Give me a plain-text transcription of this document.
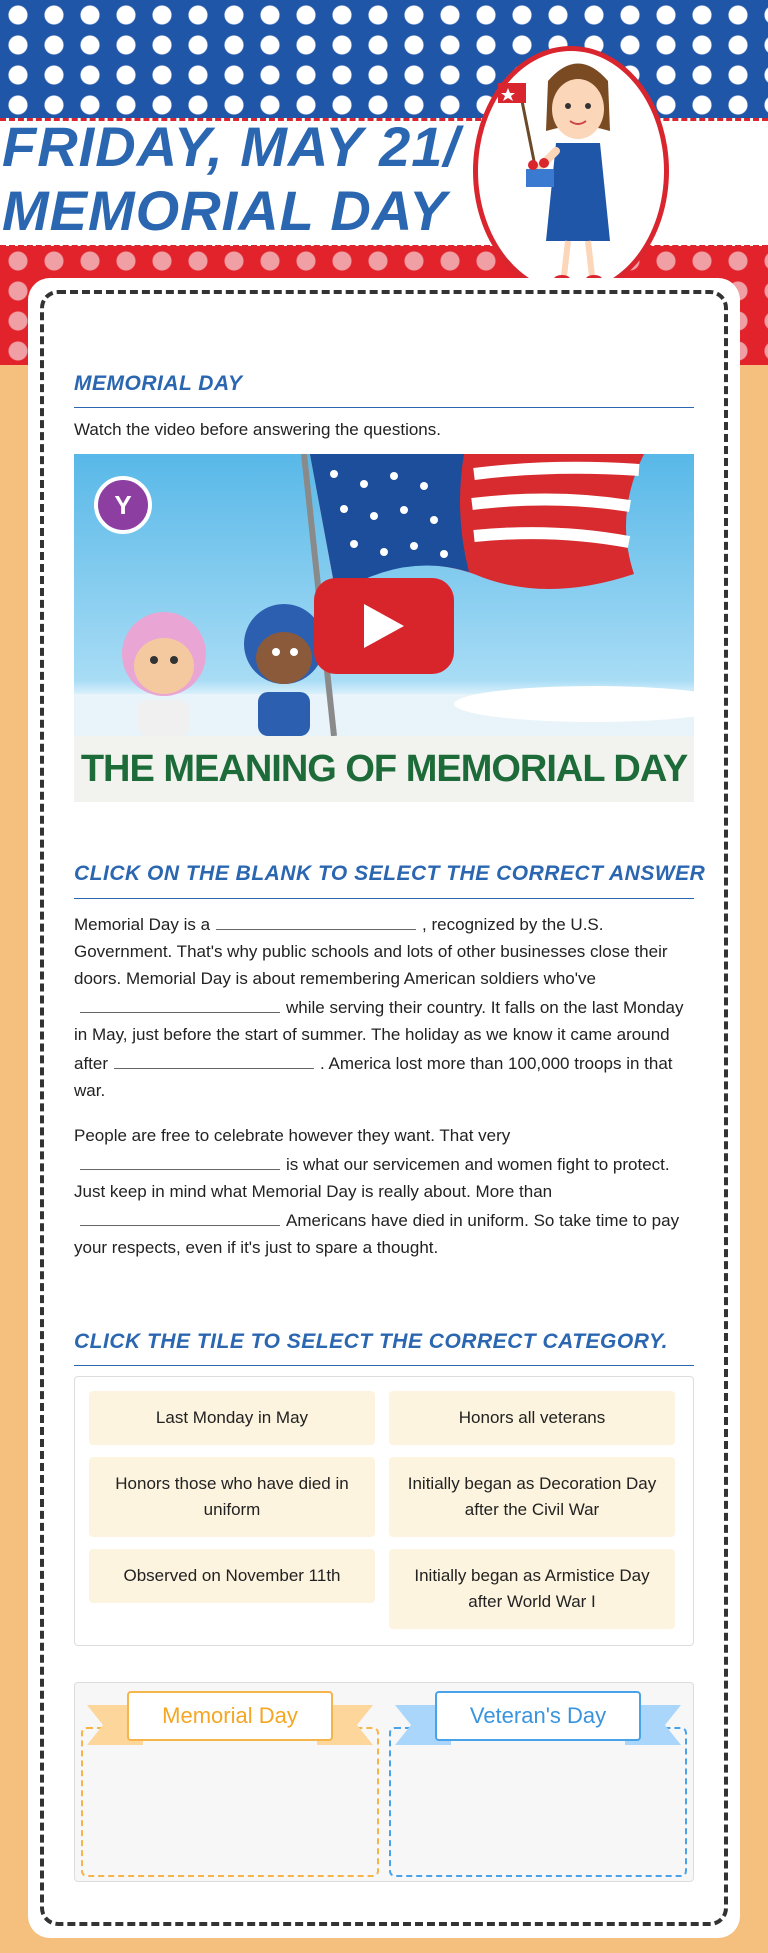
FRIDAY, MAY 21/
MEMORIAL DAY
MEMORIAL DAY

Watch the video before answering the questions.

Y
THE MEANING OF MEMORIAL DAY
CLICK ON THE BLANK TO SELECT THE CORRECT ANSWER

Memorial Day is a	, recognized by the U.S. Government. That's why public schools and lots of other businesses close their doors. Memorial Day is about remembering American soldiers who'vewhile serving their country. It falls on the last Monday in May, just before the start of summer. The holiday as we know it came around after	. America lost more than 100,000 troops in that war.

People are free to celebrate however they want. That veryis what our servicemen and women fight to protect. Just keep in mind what Memorial Day is really about. More thanAmericans have died in uniform. So take time to pay your respects, even if it's just to spare a thought.

CLICK THE TILE TO SELECT THE CORRECT CATEGORY.
Last Monday in May	Honors all veterans
Honors those who have died in uniform
Initially began as Decoration Day after the Civil War
Observed on November 11th	Initially began as Armistice Day after World War I
Memorial Day	Veteran's Day
